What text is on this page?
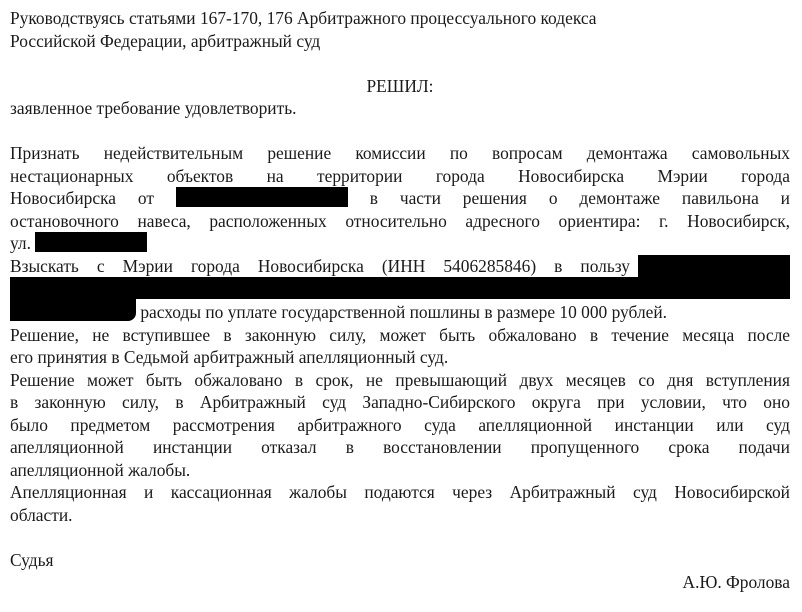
Руководствуясь статьями 167-170, 176 Арбитражного процессуального кодекса

Российской Федерации, арбитражный суд

РЕШИЛ:

заявленное требование удовлетворить.

Признать недействительным решение комиссии по вопросам демонтажа самовольных

нестационарных объектов на территории города Новосибирска Мэрии города

Новосибирска от	в части решения о демонтаже павильона и

остановочного навеса, расположенных относительно адресного ориентира: г. Новосибирск,

ул.

Взыскать с Мэрии города Новосибирска (ИНН 5406285846) в пользу

расходы по уплате государственной пошлины в размере 10 000 рублей.

Решение, не вступившее в законную силу, может быть обжаловано в течение месяца после

его принятия в Седьмой арбитражный апелляционный суд.

Решение может быть обжаловано в срок, не превышающий двух месяцев со дня вступления

в законную силу, в Арбитражный суд Западно-Сибирского округа при условии, что оно

было предметом рассмотрения арбитражного суда апелляционной инстанции или суд

апелляционной инстанции отказал в восстановлении пропущенного срока подачи

апелляционной жалобы.

Апелляционная и кассационная жалобы подаются через Арбитражный суд Новосибирской

области.

Судья

А.Ю. Фролова
